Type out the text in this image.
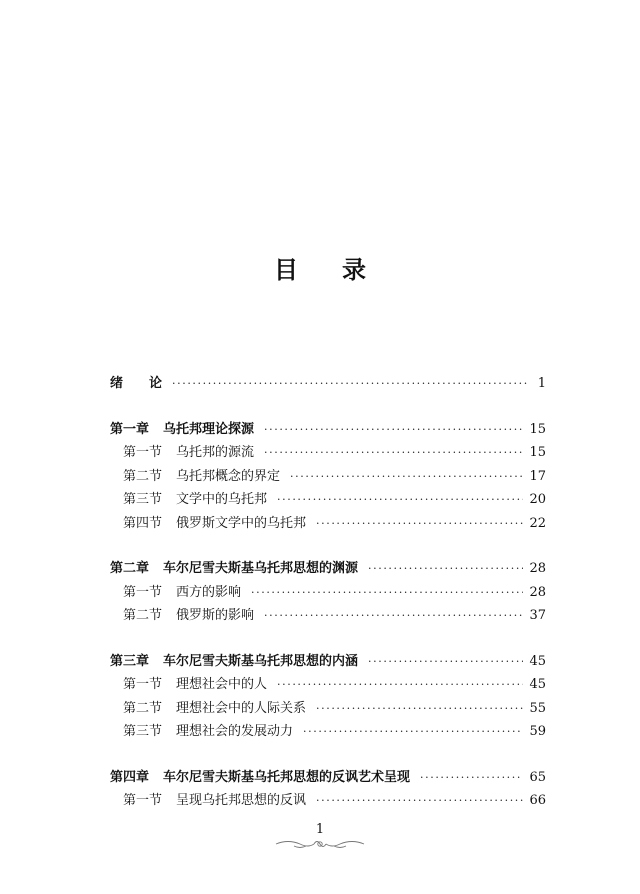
目 录
绪 论 ·····	1
第一章 乌托邦理论探源 ·····	15
第一节 乌托邦的源流 ·····	15
第二节 乌托邦概念的界定 ·····	17
第三节 文学中的乌托邦 ·····	20
第四节 俄罗斯文学中的乌托邦 ·····	22
第二章 车尔尼雪夫斯基乌托邦思想的渊源 ·····	28
第一节 西方的影响 ·····	28
第二节 俄罗斯的影响 ·····	37
第三章 车尔尼雪夫斯基乌托邦思想的内涵 ·····	45
第一节 理想社会中的人 ·····	45
第二节 理想社会中的人际关系 ·····	55
第三节 理想社会的发展动力 ·····	59
第四章 车尔尼雪夫斯基乌托邦思想的反讽艺术呈现 ·····	65
第一节 呈现乌托邦思想的反讽 ·····	66
1
